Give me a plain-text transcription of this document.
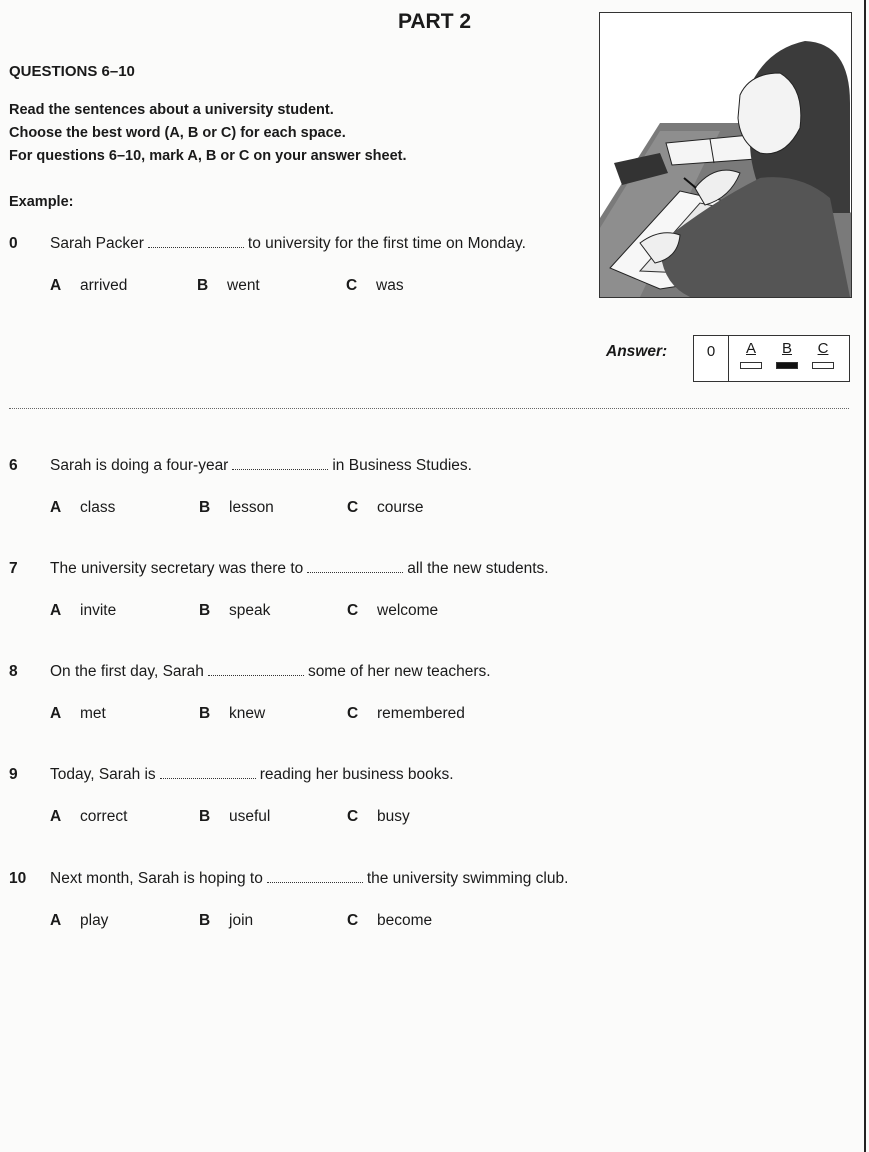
PART 2
QUESTIONS 6–10
Read the sentences about a university student.
Choose the best word (A, B or C) for each space.
For questions 6–10, mark A, B or C on your answer sheet.
Example:
0 Sarah Packer	to university for the first time on Monday.
A arrived	B went	C was
Answer:	0	A	B	C
6 Sarah is doing a four-year	in Business Studies.
A class	B lesson	C course
7 The university secretary was there to	all the new students.
A invite	B speak	C welcome
8 On the first day, Sarah	some of her new teachers.
A met	B knew	C remembered
9 Today, Sarah is	reading her business books.
A correct	B useful	C busy
10 Next month, Sarah is hoping to	the university swimming club.
A play	B join	C become
